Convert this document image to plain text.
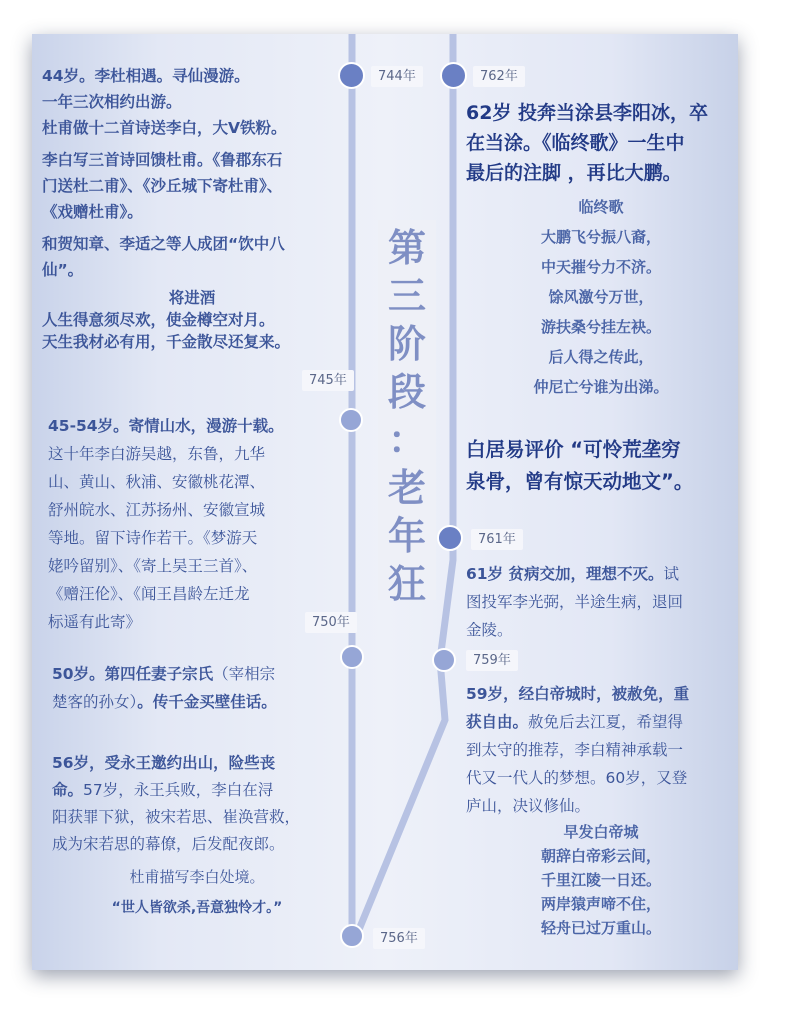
第
三
阶
段
：
老
年
狂
744年	762年
745年
761年
750年
759年
756年
44岁。李杜相遇。寻仙漫游。
一年三次相约出游。
杜甫做十二首诗送李白，大V铁粉。
李白写三首诗回馈杜甫。《鲁郡东石
门送杜二甫》、《沙丘城下寄杜甫》、
《戏赠杜甫》。
和贺知章、李适之等人成团“饮中八
仙”。
将进酒
人生得意须尽欢，使金樽空对月。
天生我材必有用，千金散尽还复来。
45-54岁。寄情山水，漫游十载。
这十年李白游吴越，东鲁，九华
山、黄山、秋浦、安徽桃花潭、
舒州皖水、江苏扬州、安徽宣城
等地。留下诗作若干。《梦游天
姥吟留别》、《寄上吴王三首》、
《赠汪伦》、《闻王昌龄左迁龙
标遥有此寄》
50岁。第四任妻子宗氏（宰相宗
楚客的孙女）。传千金买壁佳话。
56岁，受永王邀约出山，险些丧
命。57岁，永王兵败，李白在浔
阳获罪下狱，被宋若思、崔涣营救，
成为宋若思的幕僚，后发配夜郎。
杜甫描写李白处境。
“世人皆欲杀,吾意独怜才。”
62岁 投奔当涂县李阳冰，卒
在当涂。《临终歌》一生中
最后的注脚 ，再比大鹏。
临终歌
大鹏飞兮振八裔，
中天摧兮力不济。
馀风激兮万世，
游扶桑兮挂左袂。
后人得之传此，
仲尼亡兮谁为出涕。
白居易评价 “可怜荒垄穷
泉骨，曾有惊天动地文”。
61岁 贫病交加，理想不灭。试
图投军李光弼，半途生病，退回
金陵。
59岁，经白帝城时，被赦免，重
获自由。赦免后去江夏，希望得
到太守的推荐，李白精神承载一
代又一代人的梦想。60岁，又登
庐山，决议修仙。
早发白帝城
朝辞白帝彩云间，
千里江陵一日还。
两岸猿声啼不住，
轻舟已过万重山。
